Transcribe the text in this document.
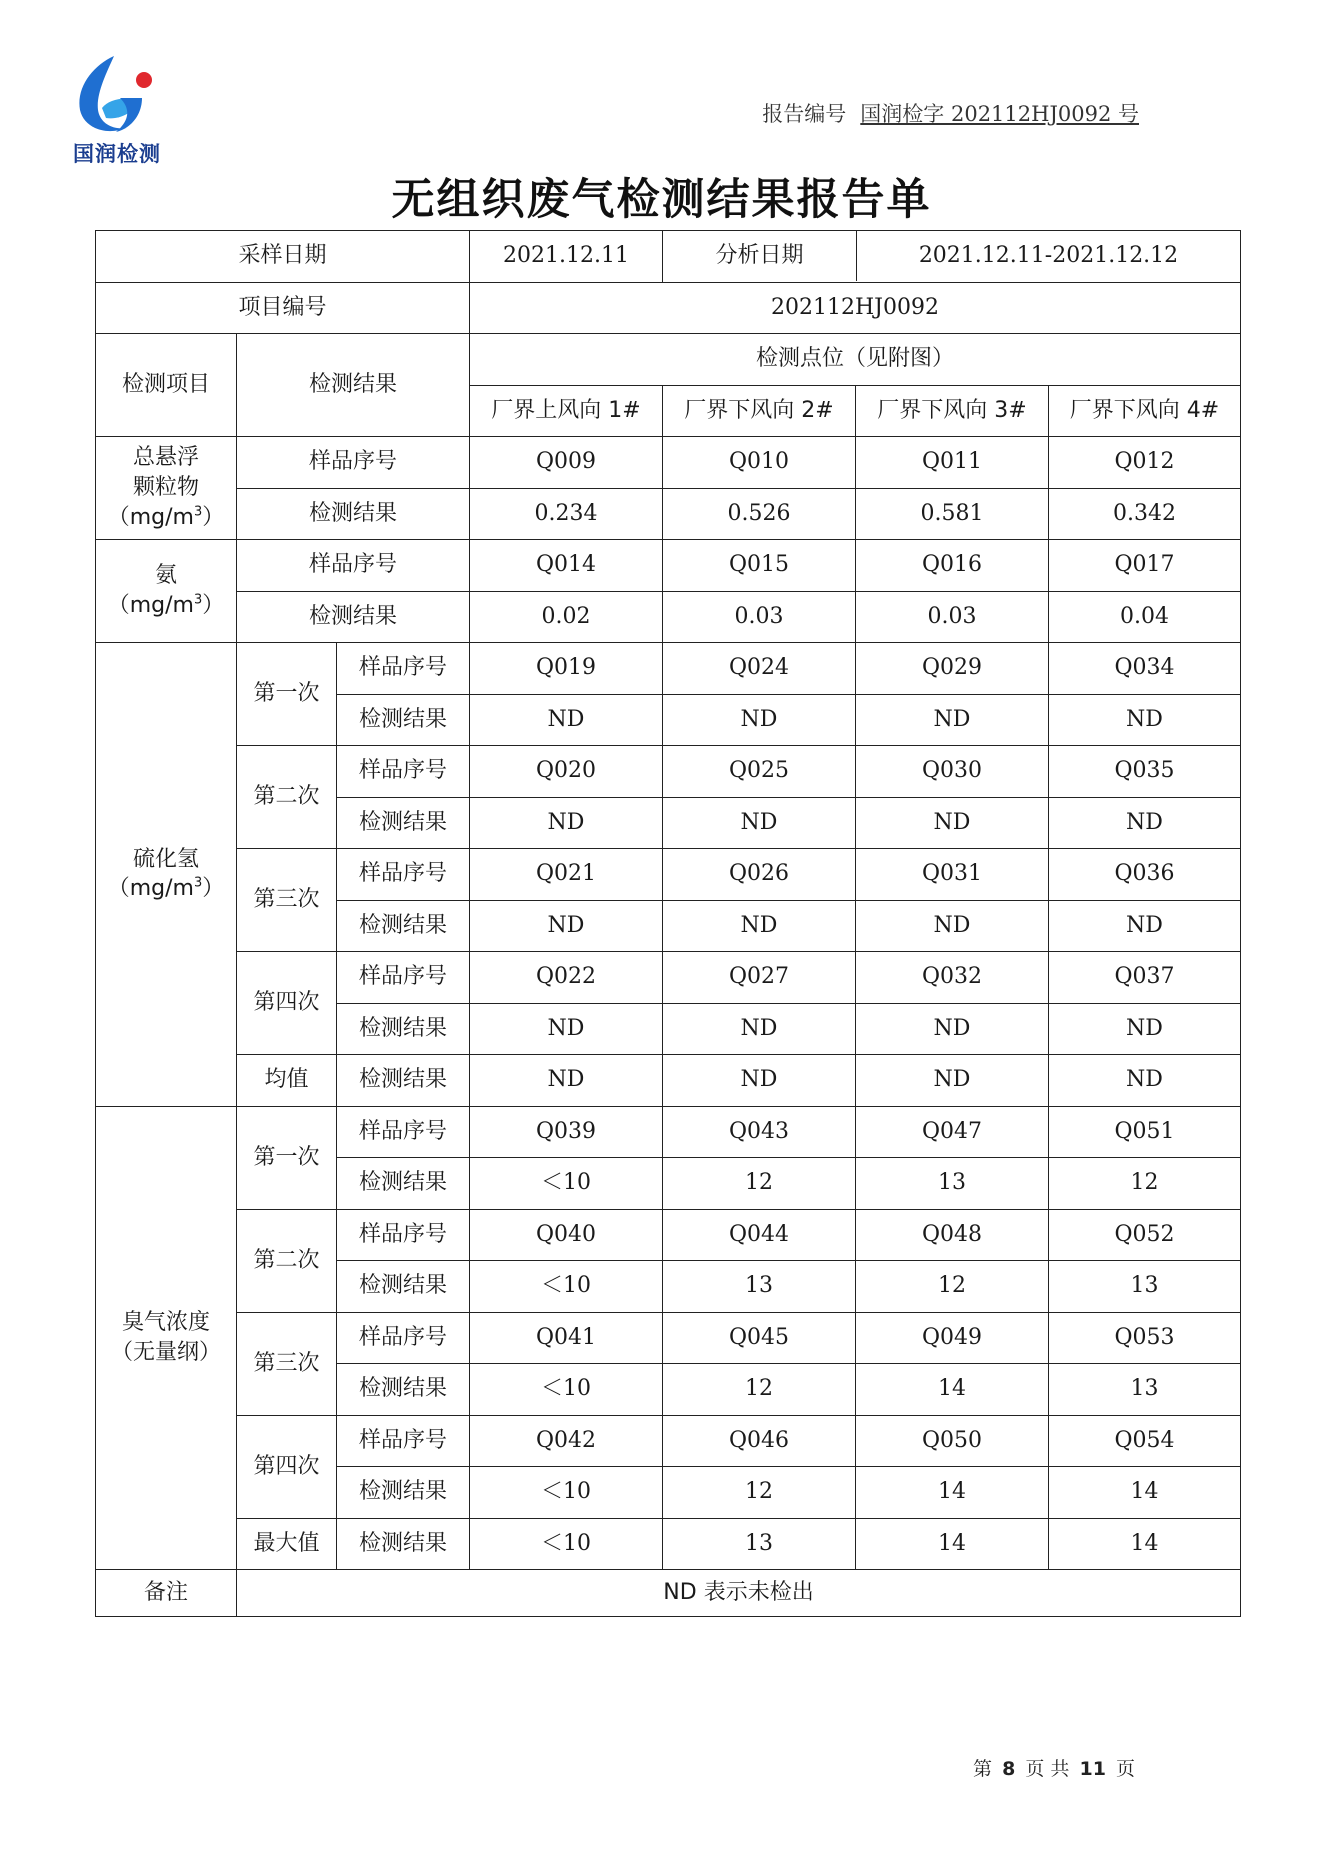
国润检测
报告编号 国润检字 202112HJ0092 号
无组织废气检测结果报告单
采样日期			2021.12.11	分析日期 2021.12.11-2021.12.12		

项目编号			202112HJ0092			
检测项目	检测结果		检测点位（见附图）			
			厂界上风向 1#	厂界下风向 2#	厂界下风向 3#	厂界下风向 4#

总悬浮
颗粒物
$(mg/m^3)$	样品序号		Q009	Q010	Q011	Q012
	检测结果		0.234	0.526	0.581	0.342

氨
$(mg/m^3)$	样品序号		Q014	Q015	Q016	Q017
	检测结果		0.02	0.03	0.03	0.04

硫化氢
$(mg/m^3)$	第一次	样品序号	Q019	Q024	Q029	Q034
		检测结果	ND	ND	ND	ND
	第二次	样品序号	Q020	Q025	Q030	Q035
		检测结果	ND	ND	ND	ND
	第三次	样品序号	Q021	Q026	Q031	Q036
		检测结果	ND	ND	ND	ND
	第四次	样品序号	Q022	Q027	Q032	Q037
		检测结果	ND	ND	ND	ND
	均值	检测结果	ND	ND	ND	ND

臭气浓度
（无量纲）	第一次	样品序号	Q039	Q043	Q047	Q051
		检测结果	＜10	12	13	12
	第二次	样品序号	Q040	Q044	Q048	Q052
		检测结果	＜10	13	12	13
	第三次	样品序号	Q041	Q045	Q049	Q053
		检测结果	＜10	12	14	13
	第四次	样品序号	Q042	Q046	Q050	Q054
		检测结果	＜10	12	14	14
	最大值	检测结果	＜10	13	14	14
备注	ND 表示未检出					
第 8 页 共 11 页
